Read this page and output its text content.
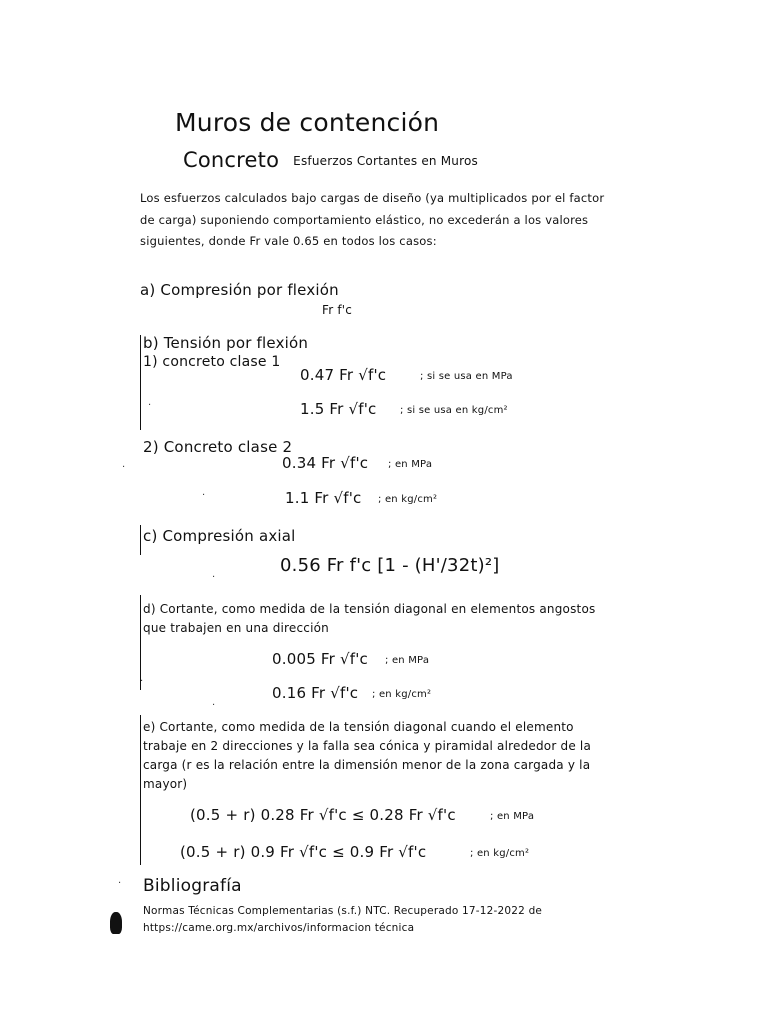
Muros de contención
Concreto Esfuerzos Cortantes en Muros
Los esfuerzos calculados bajo cargas de diseño (ya multiplicados por el factor de carga) suponiendo comportamiento elástico, no excederán a los valores siguientes, donde Fr vale 0.65 en todos los casos:
a) Compresión por flexión
Fr f'c
b) Tensión por flexión
1) concreto clase 1
0.47 Fr √f'c	; si se usa en MPa
1.5 Fr √f'c ; si se usa en kg/cm²
2) Concreto clase 2
0.34 Fr √f'c ; en MPa
1.1 Fr √f'c ; en kg/cm²
c) Compresión axial
0.56 Fr f'c [1 - (H'/32t)²]
d) Cortante, como medida de la tensión diagonal en elementos angostos que trabajen en una dirección
0.005 Fr √f'c ; en MPa
0.16 Fr √f'c ; en kg/cm²
e) Cortante, como medida de la tensión diagonal cuando el elemento trabaje en 2 direcciones y la falla sea cónica y piramidal alrededor de la carga (r es la relación entre la dimensión menor de la zona cargada y la mayor)
(0.5 + r) 0.28 Fr √f'c ≤ 0.28 Fr √f'c	; en MPa
(0.5 + r) 0.9 Fr √f'c ≤ 0.9 Fr √f'c	; en kg/cm²
Bibliografía
Normas Técnicas Complementarias (s.f.) NTC. Recuperado 17-12-2022 de https://came.org.mx/archivos/informacion técnica
·
·
·
·
·
·
·
